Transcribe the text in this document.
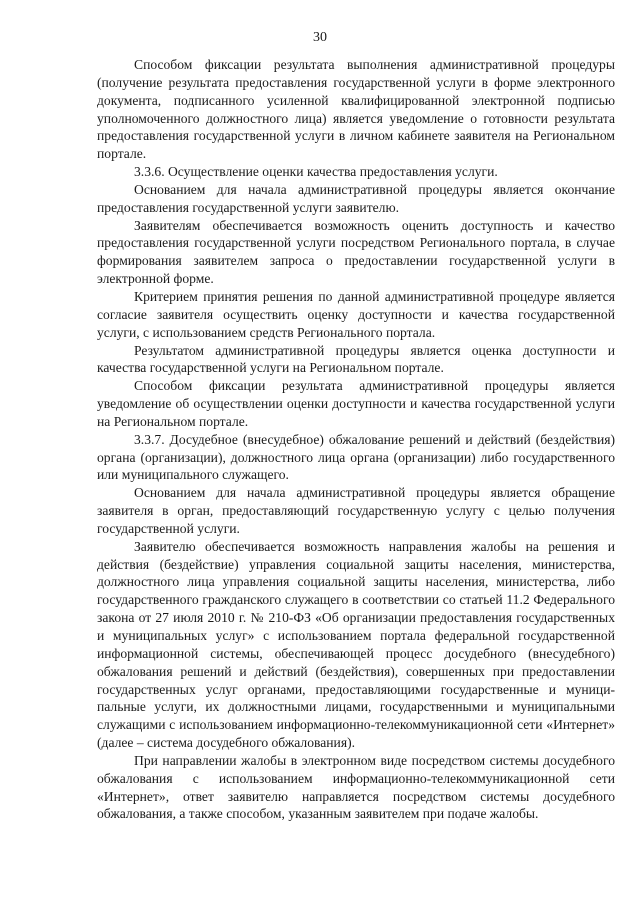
30

Способом фиксации результата выполнения административной процедуры (получение результата предоставления государственной услуги в форме электронного документа, подписанного усиленной квалифицированной электронной подписью уполномоченного должностного лица) является уведомление о готовности результата предоставления государственной услуги в личном кабинете заявителя на Региональном портале.

3.3.6. Осуществление оценки качества предоставления услуги.

Основанием для начала административной процедуры является окончание предоставления государственной услуги заявителю.

Заявителям обеспечивается возможность оценить доступность и качество предоставления государственной услуги посредством Регионального портала, в случае формирования заявителем запроса о предоставлении государственной услуги в электронной форме.

Критерием принятия решения по данной административной процедуре является согласие заявителя осуществить оценку доступности и качества государственной услуги, с использованием средств Регионального портала.

Результатом административной процедуры является оценка доступности и качества государственной услуги на Региональном портале.

Способом фиксации результата административной процедуры является уведомление об осуществлении оценки доступности и качества государственной услуги на Региональном портале.

3.3.7. Досудебное (внесудебное) обжалование решений и действий (бездействия) органа (организации), должностного лица органа (организации) либо государственного или муниципального служащего.

Основанием для начала административной процедуры является обращение заявителя в орган, предоставляющий государственную услугу с целью получения государственной услуги.

Заявителю обеспечивается возможность направления жалобы на решения и действия (бездействие) управления социальной защиты населения, министерства, должностного лица управления социальной защиты населения, министерства, либо государственного гражданского служащего в соответствии со статьей 11.2 Федерального закона от 27 июля 2010 г. № 210-ФЗ «Об организации предоставления государственных и муниципальных услуг» с использованием портала федеральной государственной информационной системы, обеспечивающей процесс досудебного (внесудебного) обжалования решений и действий (бездействия), совершенных при предоставлении государственных услуг органами, предоставляющими государственные и муниципальные услуги, их должностными лицами, государственными и муниципальными служащими с использованием информационно-телекоммуникационной сети «Интернет» (далее – система досудебного обжалования).

При направлении жалобы в электронном виде посредством системы досудебного обжалования с использованием информационно-телекоммуникационной сети «Интернет», ответ заявителю направляется посредством системы досудебного обжалования, а также способом, указанным заявителем при подаче жалобы.
